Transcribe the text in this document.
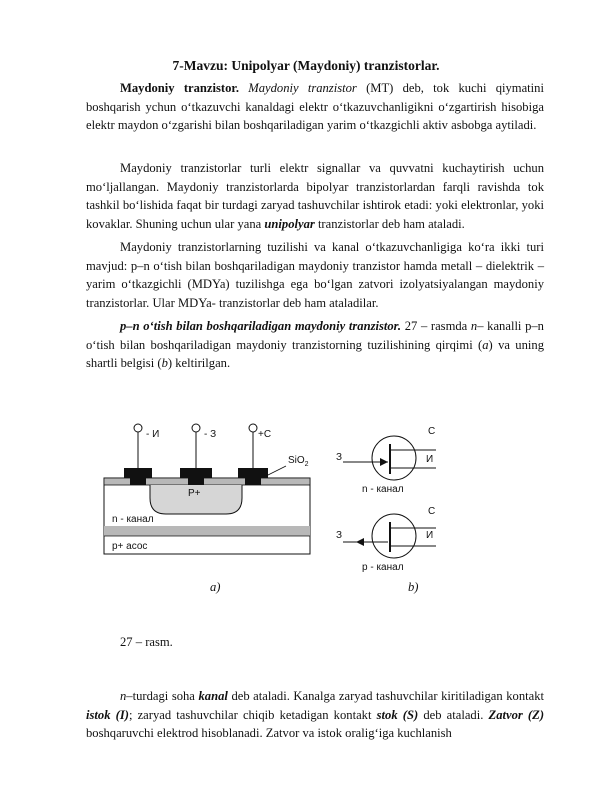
7-Mavzu: Unipolyar (Maydoniy) tranzistorlar.

Maydoniy tranzistor. Maydoniy tranzistor (MT) deb, tok kuchi qiymatini boshqarish ychun o‘tkazuvchi kanaldagi elektr o‘tkazuvchanligikni o‘zgartirish hisobiga elektr maydon o‘zgarishi bilan boshqariladigan yarim o‘tkazgichli aktiv asbobga aytiladi.

Maydoniy tranzistorlar turli elektr signallar va quvvatni kuchaytirish uchun mo‘ljallangan. Maydoniy tranzistorlarda bipolyar tranzistorlardan farqli ravishda tok tashkil bo‘lishida faqat bir turdagi zaryad tashuvchilar ishtirok etadi: yoki elektronlar, yoki kovaklar. Shuning uchun ular yana unipolyar tranzistorlar deb ham ataladi.

Maydoniy tranzistorlarning tuzilishi va kanal o‘tkazuvchanligiga ko‘ra ikki turi mavjud: p–n o‘tish bilan boshqariladigan maydoniy tranzistor hamda metall – dielektrik – yarim o‘tkazgichli (MDYa) tuzilishga ega bo‘lgan zatvori izolyatsiyalangan maydoniy tranzistorlar. Ular MDYa- tranzistorlar deb ham ataladilar.

p–n o‘tish bilan boshqariladigan maydoniy tranzistor. 27 – rasmda n– kanalli p–n o‘tish bilan boshqariladigan maydoniy tranzistorning tuzilishining qirqimi (a) va uning shartli belgisi (b) keltirilgan.

- И	- З	+С
SiO$_2$
P+
n - канал
p+ асос
З
С
И
n - канал
З
С
И
p - канал
a)	b)

27 – rasm.

n–turdagi soha kanal deb ataladi. Kanalga zaryad tashuvchilar kiritiladigan kontakt istok (I); zaryad tashuvchilar chiqib ketadigan kontakt stok (S) deb ataladi. Zatvor (Z) boshqaruvchi elektrod hisoblanadi. Zatvor va istok oralig‘iga kuchlanish
